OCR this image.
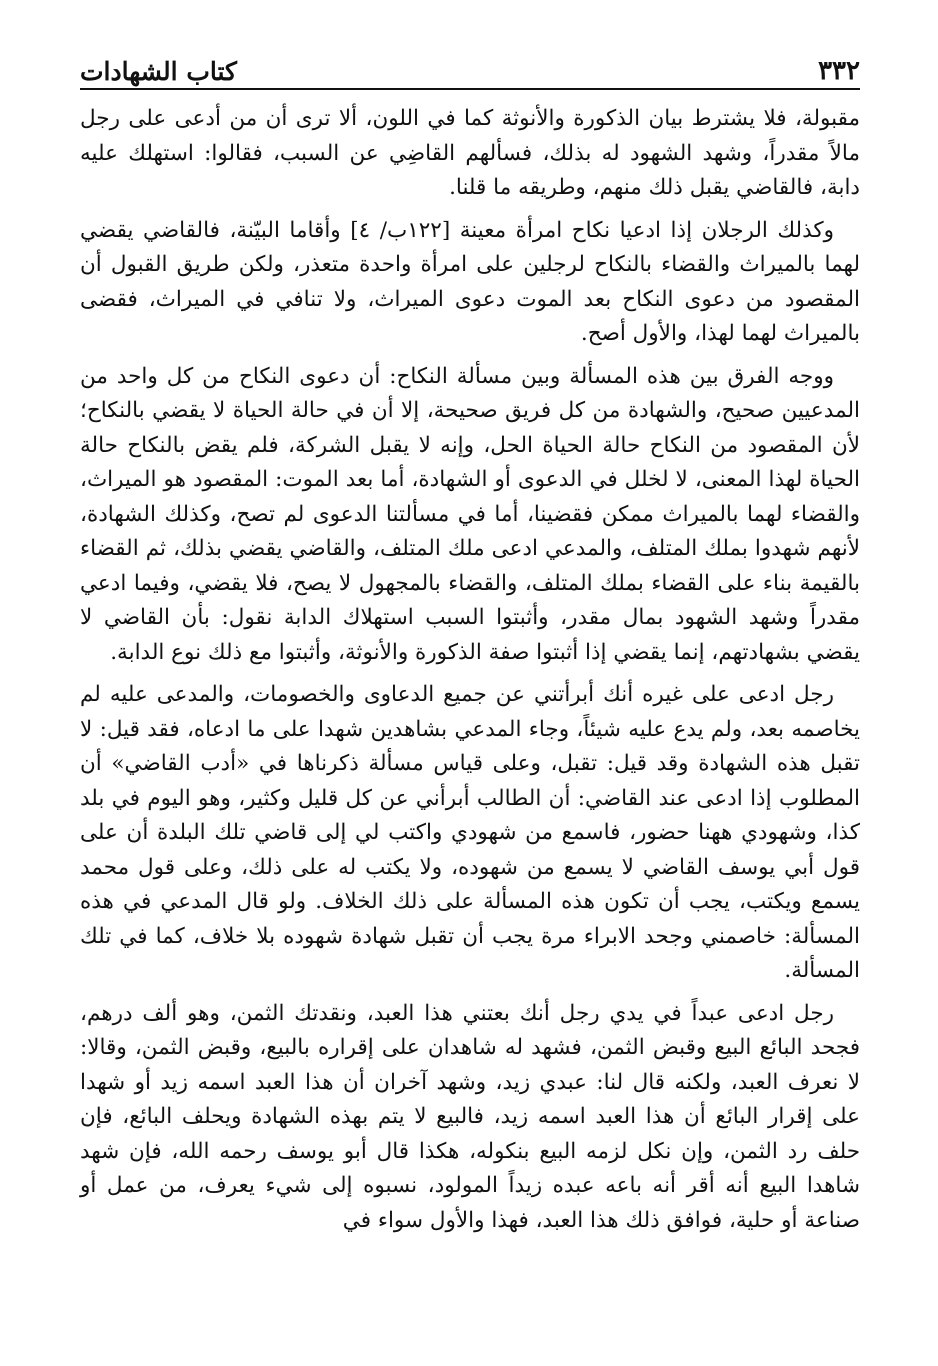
٣٣٢
كتاب الشهادات

مقبولة، فلا يشترط بيان الذكورة والأنوثة كما في اللون، ألا ترى أن من أدعى على رجل مالاً مقدراً، وشهد الشهود له بذلك، فسألهم القاضِي عن السبب، فقالوا: استهلك عليه دابة، فالقاضي يقبل ذلك منهم، وطريقه ما قلنا.

وكذلك الرجلان إذا ادعيا نكاح امرأة معينة [١٢٢ب/ ٤] وأقاما البيّنة، فالقاضي يقضي لهما بالميراث والقضاء بالنكاح لرجلين على امرأة واحدة متعذر، ولكن طريق القبول أن المقصود من دعوى النكاح بعد الموت دعوى الميراث، ولا تنافي في الميراث، فقضى بالميراث لهما لهذا، والأول أصح.

ووجه الفرق بين هذه المسألة وبين مسألة النكاح: أن دعوى النكاح من كل واحد من المدعيين صحيح، والشهادة من كل فريق صحيحة، إلا أن في حالة الحياة لا يقضي بالنكاح؛ لأن المقصود من النكاح حالة الحياة الحل، وإنه لا يقبل الشركة، فلم يقض بالنكاح حالة الحياة لهذا المعنى، لا لخلل في الدعوى أو الشهادة، أما بعد الموت: المقصود هو الميراث، والقضاء لهما بالميراث ممكن فقضينا، أما في مسألتنا الدعوى لم تصح، وكذلك الشهادة، لأنهم شهدوا بملك المتلف، والمدعي ادعى ملك المتلف، والقاضي يقضي بذلك، ثم القضاء بالقيمة بناء على القضاء بملك المتلف، والقضاء بالمجهول لا يصح، فلا يقضي، وفيما ادعي مقدراً وشهد الشهود بمال مقدر، وأثبتوا السبب استهلاك الدابة نقول: بأن القاضي لا يقضي بشهادتهم، إنما يقضي إذا أثبتوا صفة الذكورة والأنوثة، وأثبتوا مع ذلك نوع الدابة.

رجل ادعى على غيره أنك أبرأتني عن جميع الدعاوى والخصومات، والمدعى عليه لم يخاصمه بعد، ولم يدع عليه شيئاً، وجاء المدعي بشاهدين شهدا على ما ادعاه، فقد قيل: لا تقبل هذه الشهادة وقد قيل: تقبل، وعلى قياس مسألة ذكرناها في «أدب القاضي» أن المطلوب إذا ادعى عند القاضي: أن الطالب أبرأني عن كل قليل وكثير، وهو اليوم في بلد كذا، وشهودي ههنا حضور، فاسمع من شهودي واكتب لي إلى قاضي تلك البلدة أن على قول أبي يوسف القاضي لا يسمع من شهوده، ولا يكتب له على ذلك، وعلى قول محمد يسمع ويكتب، يجب أن تكون هذه المسألة على ذلك الخلاف. ولو قال المدعي في هذه المسألة: خاصمني وجحد الابراء مرة يجب أن تقبل شهادة شهوده بلا خلاف، كما في تلك المسألة.

رجل ادعى عبداً في يدي رجل أنك بعتني هذا العبد، ونقدتك الثمن، وهو ألف درهم، فجحد البائع البيع وقبض الثمن، فشهد له شاهدان على إقراره بالبيع، وقبض الثمن، وقالا: لا نعرف العبد، ولكنه قال لنا: عبدي زيد، وشهد آخران أن هذا العبد اسمه زيد أو شهدا على إقرار البائع أن هذا العبد اسمه زيد، فالبيع لا يتم بهذه الشهادة ويحلف البائع، فإن حلف رد الثمن، وإن نكل لزمه البيع بنكوله، هكذا قال أبو يوسف رحمه الله، فإن شهد شاهدا البيع أنه أقر أنه باعه عبده زيداً المولود، نسبوه إلى شيء يعرف، من عمل أو صناعة أو حلية، فوافق ذلك هذا العبد، فهذا والأول سواء في
